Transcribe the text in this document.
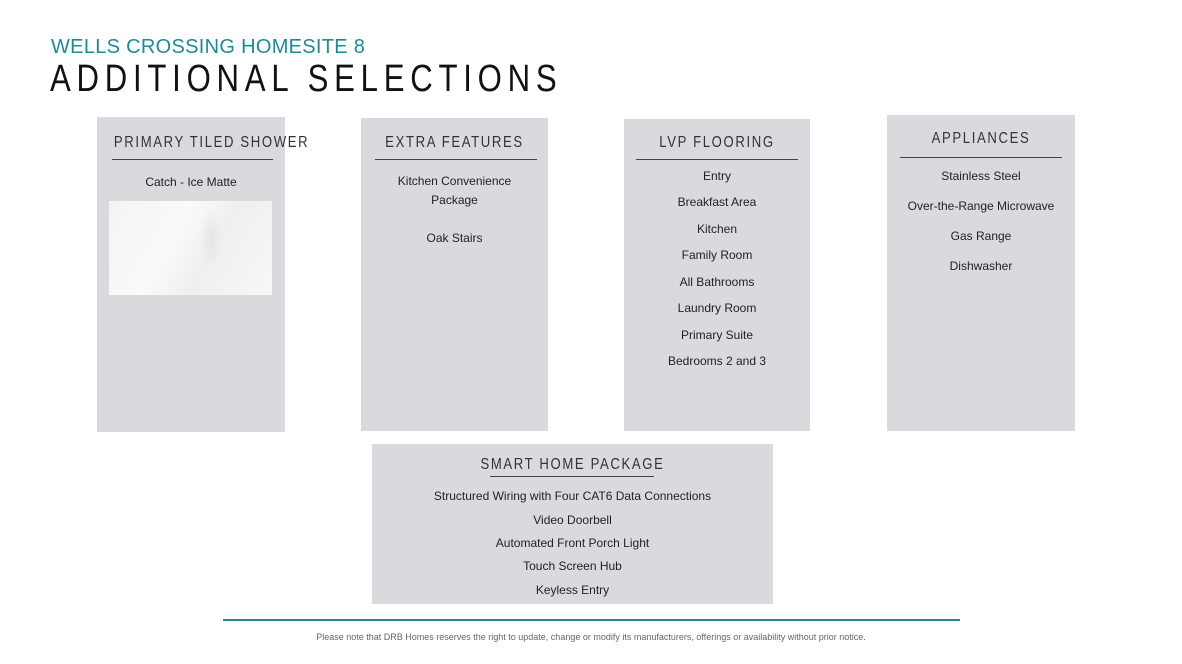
WELLS CROSSING HOMESITE 8
ADDITIONAL SELECTIONS
PRIMARY TILED SHOWER
Catch - Ice Matte
EXTRA FEATURES
Kitchen Convenience
Package
Oak Stairs
LVP FLOORING
Entry
Breakfast Area
Kitchen
Family Room
All Bathrooms
Laundry Room
Primary Suite
Bedrooms 2 and 3
APPLIANCES
Stainless Steel
Over-the-Range Microwave
Gas Range
Dishwasher
SMART HOME PACKAGE
Structured Wiring with Four CAT6 Data Connections
Video Doorbell
Automated Front Porch Light
Touch Screen Hub
Keyless Entry
Please note that DRB Homes reserves the right to update, change or modify its manufacturers, offerings or availability without prior notice.
